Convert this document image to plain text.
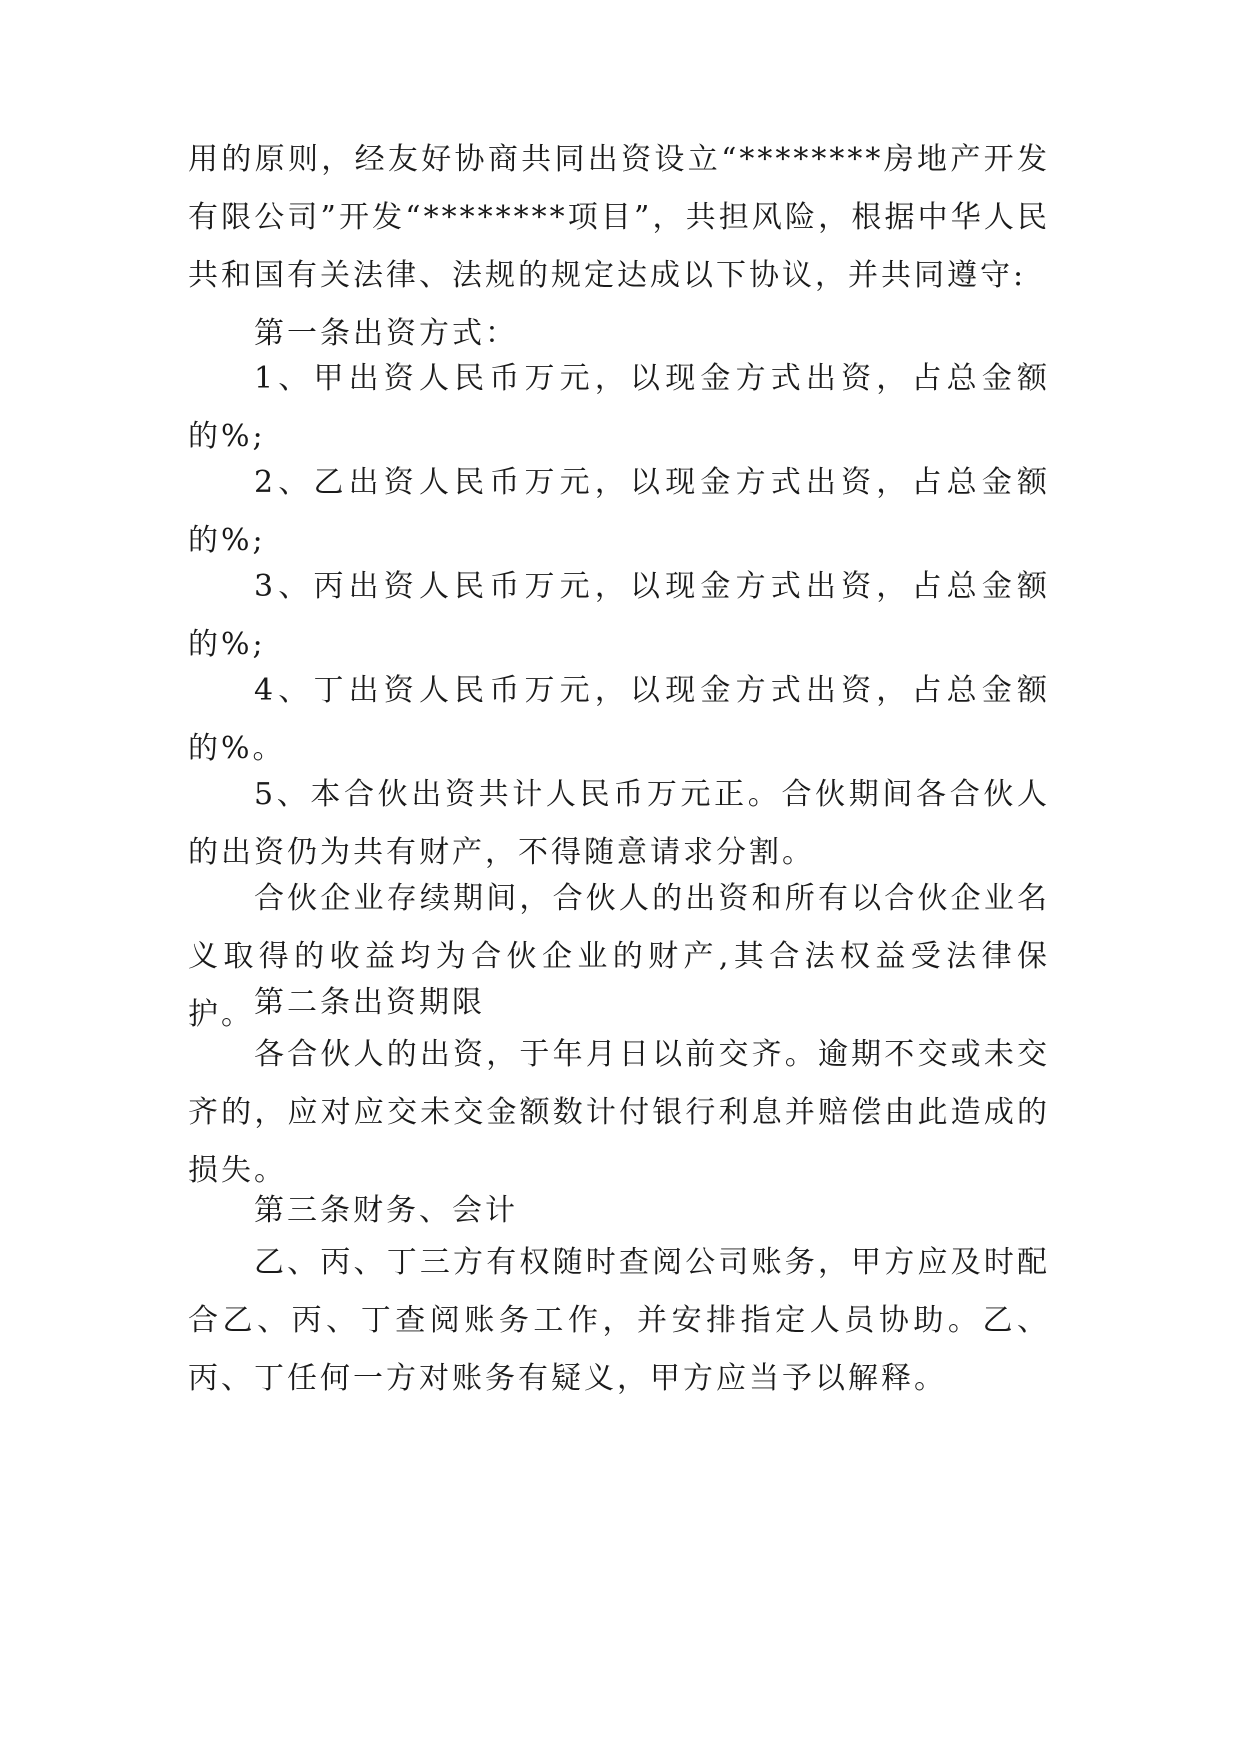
用的原则，经友好协商共同出资设立“********房地产开发有限公司”开发“********项目”，共担风险，根据中华人民共和国有关法律、法规的规定达成以下协议，并共同遵守:

第一条出资方式：

1、甲出资人民币万元，以现金方式出资，占总金额的%;

2、乙出资人民币万元，以现金方式出资，占总金额的%;

3、丙出资人民币万元，以现金方式出资，占总金额的%;

4、丁出资人民币万元，以现金方式出资，占总金额的%。

5、本合伙出资共计人民币万元正。合伙期间各合伙人的出资仍为共有财产，不得随意请求分割。

合伙企业存续期间，合伙人的出资和所有以合伙企业名义取得的收益均为合伙企业的财产,其合法权益受法律保护。 第二条出资期限

各合伙人的出资，于年月日以前交齐。逾期不交或未交齐的，应对应交未交金额数计付银行利息并赔偿由此造成的损失。

第三条财务、会计

乙、丙、丁三方有权随时查阅公司账务，甲方应及时配合乙、丙、丁查阅账务工作，并安排指定人员协助。乙、丙、丁任何一方对账务有疑义，甲方应当予以解释。
